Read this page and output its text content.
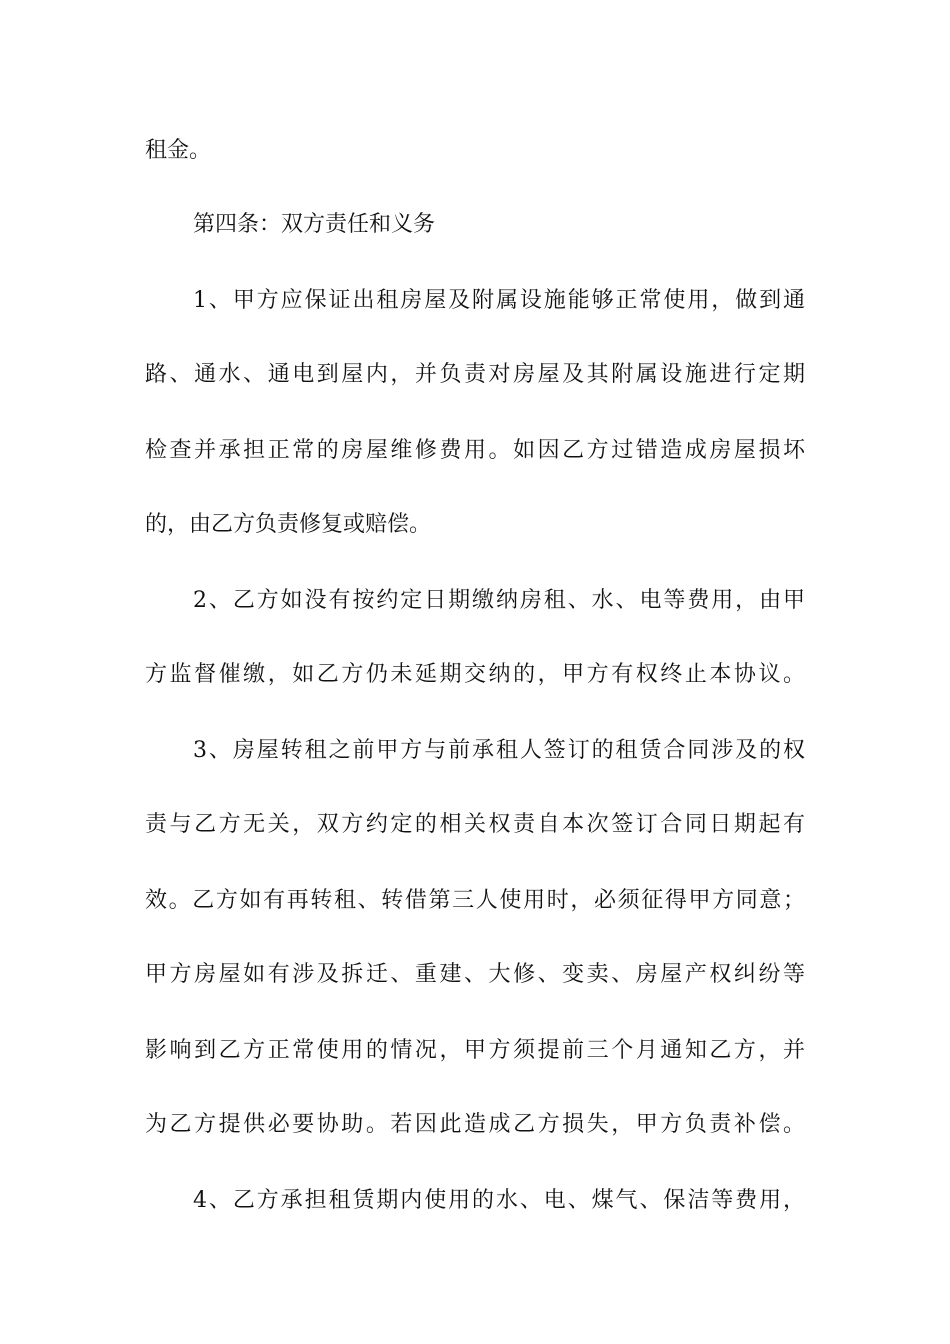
租金。
第四条：双方责任和义务
1、甲方应保证出租房屋及附属设施能够正常使用，做到通
路、通水、通电到屋内，并负责对房屋及其附属设施进行定期
检查并承担正常的房屋维修费用。如因乙方过错造成房屋损坏
的，由乙方负责修复或赔偿。
2、乙方如没有按约定日期缴纳房租、水、电等费用，由甲
方监督催缴，如乙方仍未延期交纳的，甲方有权终止本协议。
3、房屋转租之前甲方与前承租人签订的租赁合同涉及的权
责与乙方无关，双方约定的相关权责自本次签订合同日期起有
效。乙方如有再转租、转借第三人使用时，必须征得甲方同意；
甲方房屋如有涉及拆迁、重建、大修、变卖、房屋产权纠纷等
影响到乙方正常使用的情况，甲方须提前三个月通知乙方，并
为乙方提供必要协助。若因此造成乙方损失，甲方负责补偿。
4、乙方承担租赁期内使用的水、电、煤气、保洁等费用，
